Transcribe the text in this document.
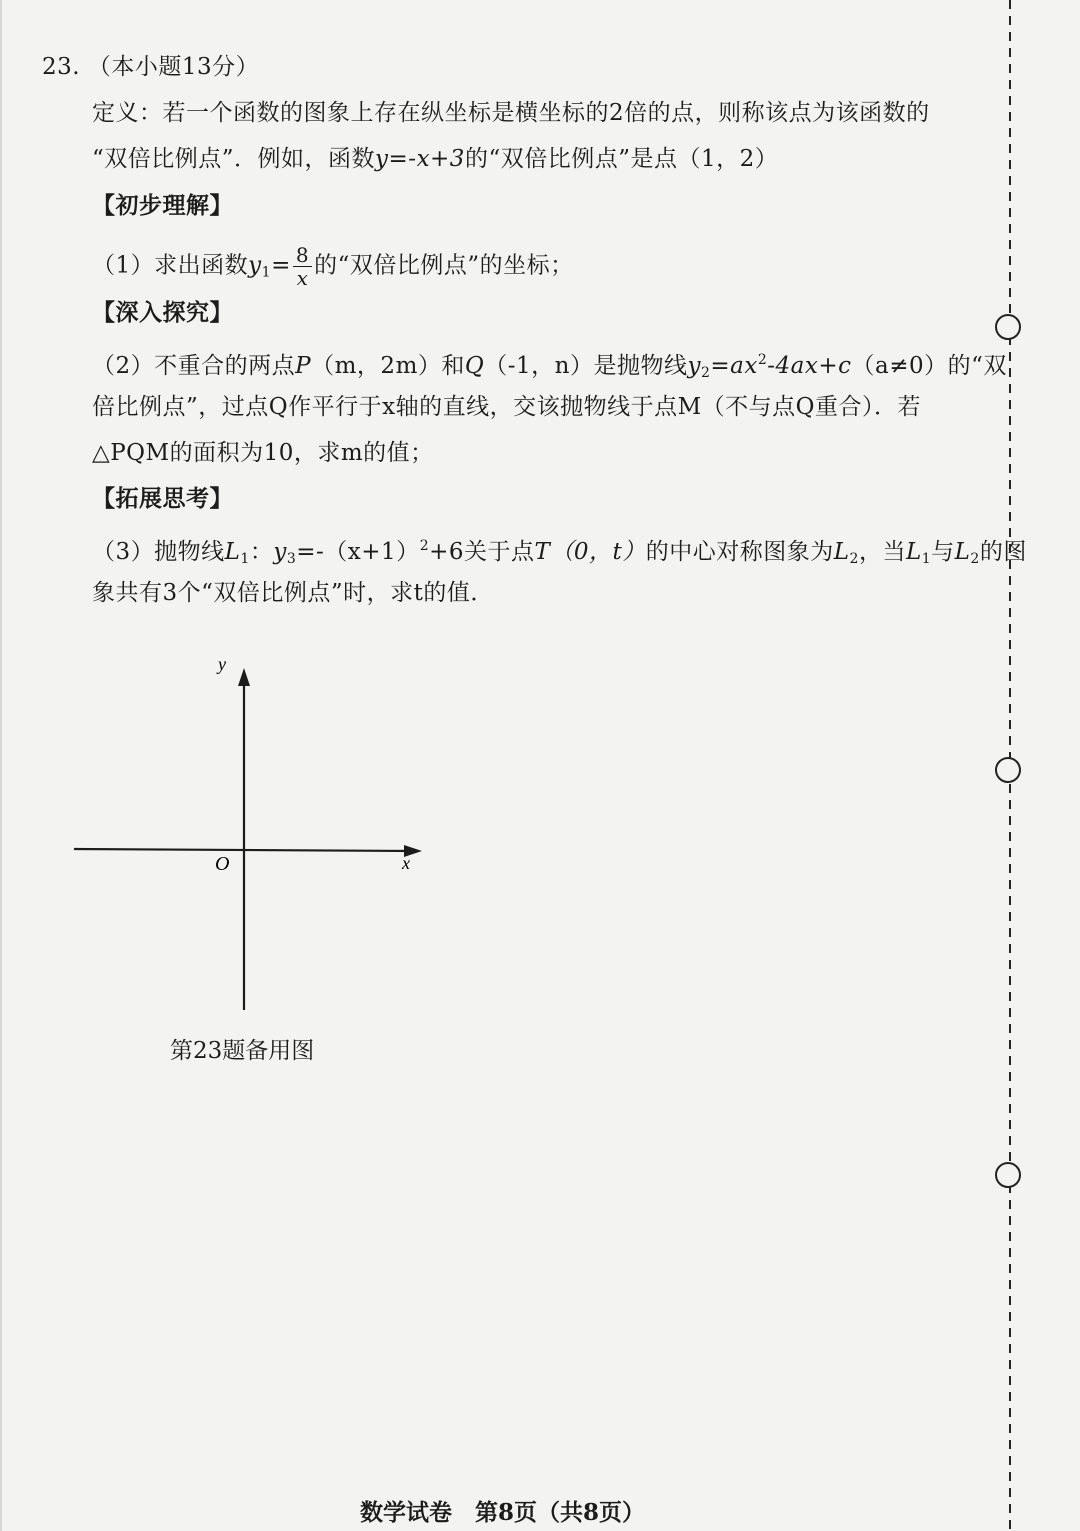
23. （本小题13分）
定义：若一个函数的图象上存在纵坐标是横坐标的2倍的点，则称该点为该函数的
“双倍比例点”．例如，函数y=-x+3的“双倍比例点”是点（1，2）
【初步理解】
（1）求出函数$y_1= \frac{8}{x}$ 的“双倍比例点”的坐标；
【深入探究】
（2）不重合的两点P（m，2m）和Q（-1，n）是抛物线$y_2=ax^2-4ax+c(a\ne 0)$的“双
倍比例点”，过点Q作平行于x轴的直线，交该抛物线于点M（不与点Q重合）．若
△PQM的面积为10，求m的值；
【拓展思考】
（3）抛物线$L_1$：$y_3=-(x+1)^2+6$关于点T（0，t）的中心对称图象为$L_2$，当$L_1$与$L_2$的图
象共有3个“双倍比例点”时，求t的值．
y
x
O
第23题备用图
数学试卷　第8页（共8页）
